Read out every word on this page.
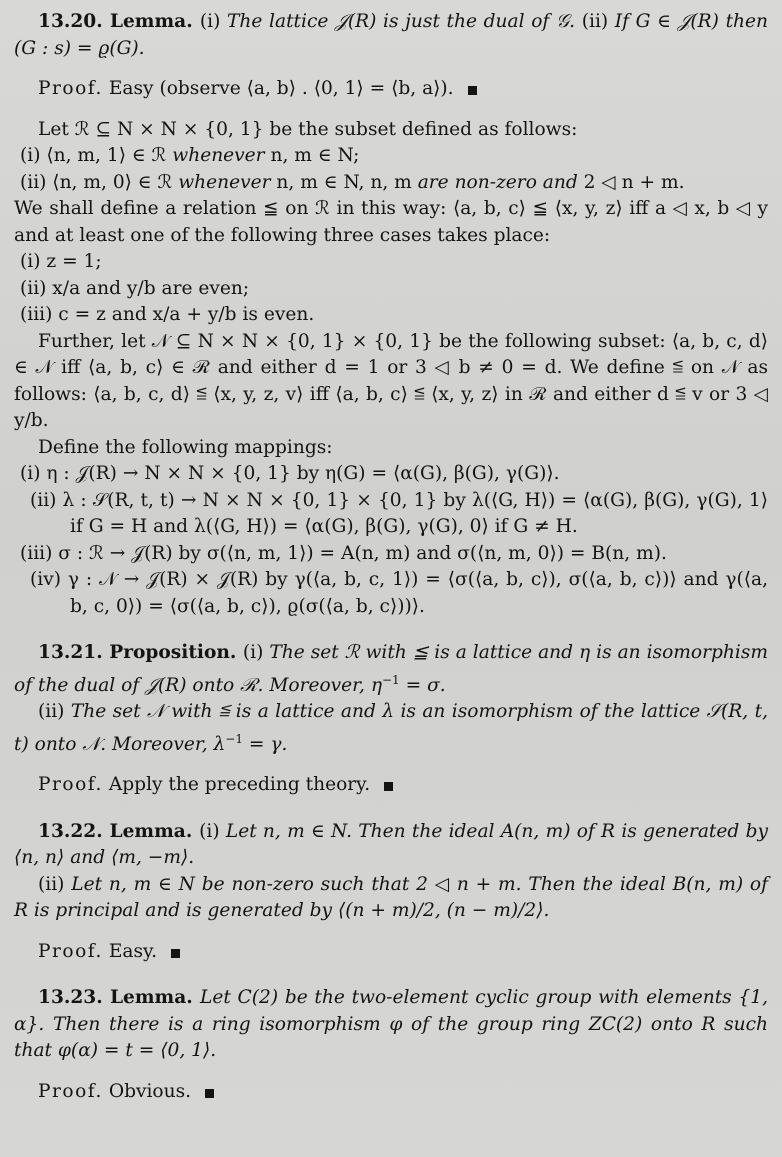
13.20. Lemma. (i) The lattice 𝒥(R) is just the dual of 𝒢. (ii) If G ∈ 𝒥(R) then (G : s) = ϱ(G).

Proof. Easy (observe ⟨a, b⟩ . ⟨0, 1⟩ = ⟨b, a⟩).

Let ℛ ⊆ N × N × {0, 1} be the subset defined as follows:

(i) ⟨n, m, 1⟩ ∈ ℛ whenever n, m ∈ N;

(ii) ⟨n, m, 0⟩ ∈ ℛ whenever n, m ∈ N, n, m are non-zero and 2 ◁ n + m.

We shall define a relation ≦ on ℛ in this way: ⟨a, b, c⟩ ≦ ⟨x, y, z⟩ iff a ◁ x, b ◁ y and at least one of the following three cases takes place:

(i) z = 1;

(ii) x/a and y/b are even;

(iii) c = z and x/a + y/b is even.

Further, let 𝒩 ⊆ N × N × {0, 1} × {0, 1} be the following subset: ⟨a, b, c, d⟩ ∈ 𝒩 iff ⟨a, b, c⟩ ∈ ℛ and either d = 1 or 3 ◁ b ≠ 0 = d. We define ≦ on 𝒩 as follows: ⟨a, b, c, d⟩ ≦ ⟨x, y, z, v⟩ iff ⟨a, b, c⟩ ≦ ⟨x, y, z⟩ in ℛ and either d ≦ v or 3 ◁ y/b.

Define the following mappings:

(i) η : 𝒥(R) → N × N × {0, 1} by η(G) = ⟨α(G), β(G), γ(G)⟩.

(ii) λ : 𝒮(R, t, t) → N × N × {0, 1} × {0, 1} by λ(⟨G, H⟩) = ⟨α(G), β(G), γ(G), 1⟩ if G = H and λ(⟨G, H⟩) = ⟨α(G), β(G), γ(G), 0⟩ if G ≠ H.

(iii) σ : ℛ → 𝒥(R) by σ(⟨n, m, 1⟩) = A(n, m) and σ(⟨n, m, 0⟩) = B(n, m).

(iv) γ : 𝒩 → 𝒥(R) × 𝒥(R) by γ(⟨a, b, c, 1⟩) = ⟨σ(⟨a, b, c⟩), σ(⟨a, b, c⟩)⟩ and γ(⟨a, b, c, 0⟩) = ⟨σ(⟨a, b, c⟩), ϱ(σ(⟨a, b, c⟩))⟩.

13.21. Proposition. (i) The set ℛ with ≦ is a lattice and η is an isomorphism of the dual of 𝒥(R) onto ℛ. Moreover, $\eta^{-1} = \sigma$.

(ii) The set 𝒩 with ≦ is a lattice and λ is an isomorphism of the lattice 𝒮(R, t, t) onto 𝒩. Moreover, $\lambda^{-1} = \gamma$.

Proof. Apply the preceding theory.

13.22. Lemma. (i) Let n, m ∈ N. Then the ideal A(n, m) of R is generated by ⟨n, n⟩ and ⟨m, −m⟩.

(ii) Let n, m ∈ N be non-zero such that 2 ◁ n + m. Then the ideal B(n, m) of R is principal and is generated by ⟨(n + m)/2, (n − m)/2⟩.

Proof. Easy.

13.23. Lemma. Let C(2) be the two-element cyclic group with elements {1, α}. Then there is a ring isomorphism φ of the group ring ZC(2) onto R such that φ(α) = t = ⟨0, 1⟩.

Proof. Obvious.
